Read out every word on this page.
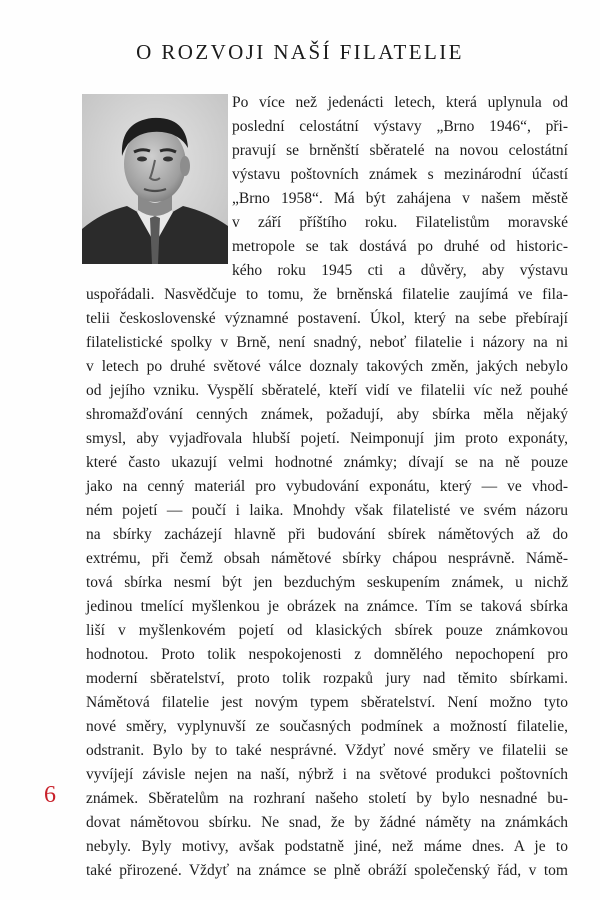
O ROZVOJI NAŠÍ FILATELIE
Po více než jedenácti letech, která uplynula od
poslední celostátní výstavy „Brno 1946“, při-
pravují se brněnští sběratelé na novou celostátní
výstavu poštovních známek s mezinárodní účastí
„Brno 1958“. Má být zahájena v našem městě
v září příštího roku. Filatelistům moravské
metropole se tak dostává po druhé od historic-
kého roku 1945 cti a důvěry, aby výstavu
uspořádali. Nasvědčuje to tomu, že brněnská filatelie zaujímá ve fila-
telii československé významné postavení. Úkol, který na sebe přebírají
filatelistické spolky v Brně, není snadný, neboť filatelie i názory na ni
v letech po druhé světové válce doznaly takových změn, jakých nebylo
od jejího vzniku. Vyspělí sběratelé, kteří vidí ve filatelii víc než pouhé
shromažďování cenných známek, požadují, aby sbírka měla nějaký
smysl, aby vyjadřovala hlubší pojetí. Neimponují jim proto exponáty,
které často ukazují velmi hodnotné známky; dívají se na ně pouze
jako na cenný materiál pro vybudování exponátu, který — ve vhod-
ném pojetí — poučí i laika. Mnohdy však filatelisté ve svém názoru
na sbírky zacházejí hlavně při budování sbírek námětových až do
extrému, při čemž obsah námětové sbírky chápou nesprávně. Námě-
tová sbírka nesmí být jen bezduchým seskupením známek, u nichž
jedinou tmelící myšlenkou je obrázek na známce. Tím se taková sbírka
liší v myšlenkovém pojetí od klasických sbírek pouze známkovou
hodnotou. Proto tolik nespokojenosti z domnělého nepochopení pro
moderní sběratelství, proto tolik rozpaků jury nad těmito sbírkami.
Námětová filatelie jest novým typem sběratelství. Není možno tyto
nové směry, vyplynuvší ze současných podmínek a možností filatelie,
odstranit. Bylo by to také nesprávné. Vždyť nové směry ve filatelii se
vyvíjejí závisle nejen na naší, nýbrž i na světové produkci poštovních
známek. Sběratelům na rozhraní našeho století by bylo nesnadné bu-
dovat námětovou sbírku. Ne snad, že by žádné náměty na známkách
nebyly. Byly motivy, avšak podstatně jiné, než máme dnes. A je to
také přirozené. Vždyť na známce se plně obráží společenský řád, v tom
6
